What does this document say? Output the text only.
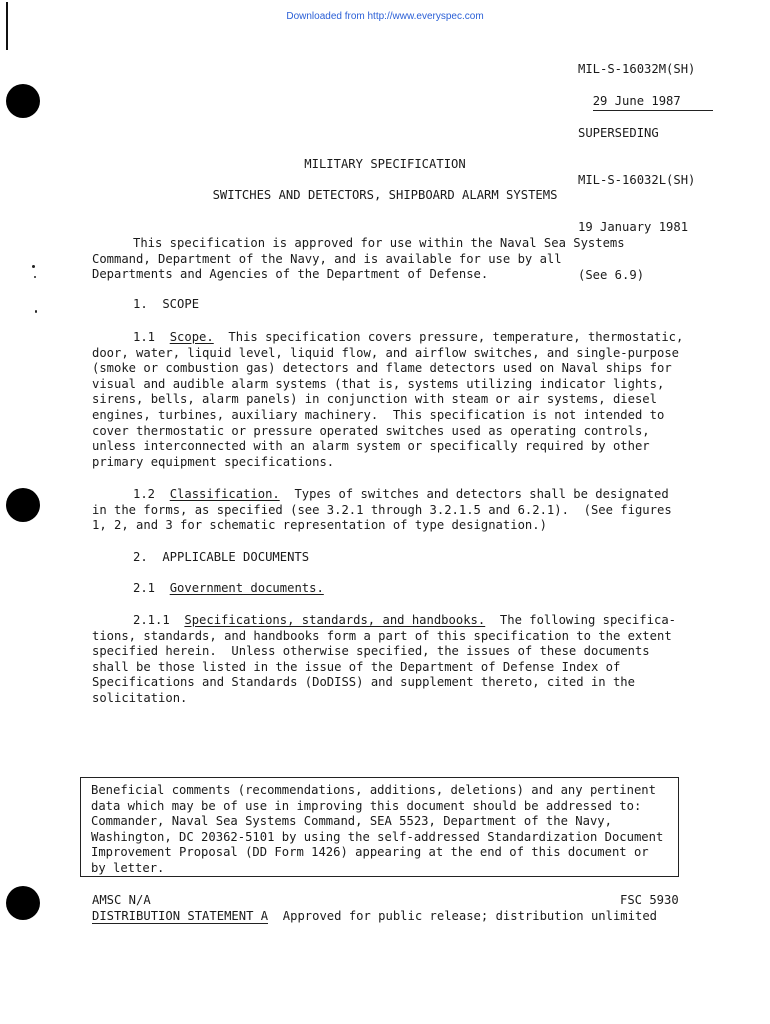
Downloaded from http://www.everyspec.com

MIL-S-16032M(SH)

29 June 1987

SUPERSEDING

MIL-S-16032L(SH)

19 January 1981

(See 6.9)

MILITARY SPECIFICATION
SWITCHES AND DETECTORS, SHIPBOARD ALARM SYSTEMS
This specification is approved for use within the Naval Sea Systems
Command, Department of the Navy, and is available for use by all
Departments and Agencies of the Department of Defense.
1.  SCOPE
1.1 Scope.  This specification covers pressure, temperature, thermostatic,
door, water, liquid level, liquid flow, and airflow switches, and single-purpose
(smoke or combustion gas) detectors and flame detectors used on Naval ships for
visual and audible alarm systems (that is, systems utilizing indicator lights,
sirens, bells, alarm panels) in conjunction with steam or air systems, diesel
engines, turbines, auxiliary machinery.  This specification is not intended to
cover thermostatic or pressure operated switches used as operating controls,
unless interconnected with an alarm system or specifically required by other
primary equipment specifications.
1.2 Classification.  Types of switches and detectors shall be designated
in the forms, as specified (see 3.2.1 through 3.2.1.5 and 6.2.1).  (See figures
1, 2, and 3 for schematic representation of type designation.)
2.  APPLICABLE DOCUMENTS
2.1 Government documents.
2.1.1 Specifications, standards, and handbooks.  The following specifica-
tions, standards, and handbooks form a part of this specification to the extent
specified herein.  Unless otherwise specified, the issues of these documents
shall be those listed in the issue of the Department of Defense Index of
Specifications and Standards (DoDISS) and supplement thereto, cited in the
solicitation.
Beneficial comments (recommendations, additions, deletions) and any pertinent
data which may be of use in improving this document should be addressed to:
Commander, Naval Sea Systems Command, SEA 5523, Department of the Navy,
Washington, DC 20362-5101 by using the self-addressed Standardization Document
Improvement Proposal (DD Form 1426) appearing at the end of this document or
by letter.
AMSC N/A	FSC 5930
DISTRIBUTION STATEMENT A  Approved for public release; distribution unlimited
